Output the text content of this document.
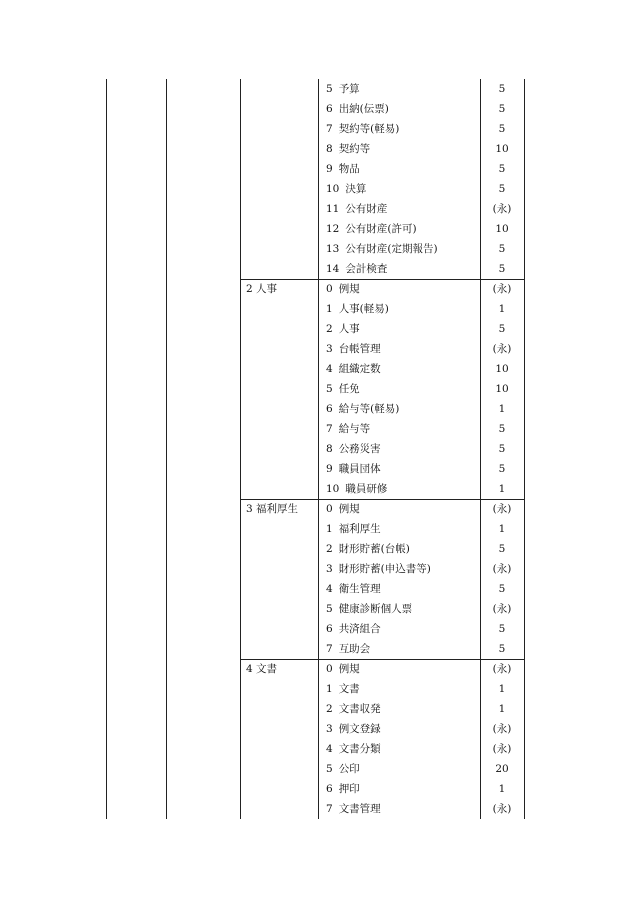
5 予算	5
6 出納(伝票)	5
7 契約等(軽易)	5
8 契約等	10
9 物品	5
10 決算	5
11 公有財産	(永)
12 公有財産(許可)	10
13 公有財産(定期報告)	5
14 会計検査	5
2 人事	0 例規	(永)
1 人事(軽易)	1
2 人事	5
3 台帳管理	(永)
4 組織定数	10
5 任免	10
6 給与等(軽易)	1
7 給与等	5
8 公務災害	5
9 職員団体	5
10 職員研修	1
3 福利厚生	0 例規	(永)
1 福利厚生	1
2 財形貯蓄(台帳)	5
3 財形貯蓄(申込書等)	(永)
4 衛生管理	5
5 健康診断個人票	(永)
6 共済組合	5
7 互助会	5
4 文書	0 例規	(永)
1 文書	1
2 文書収発	1
3 例文登録	(永)
4 文書分類	(永)
5 公印	20
6 押印	1
7 文書管理	(永)
